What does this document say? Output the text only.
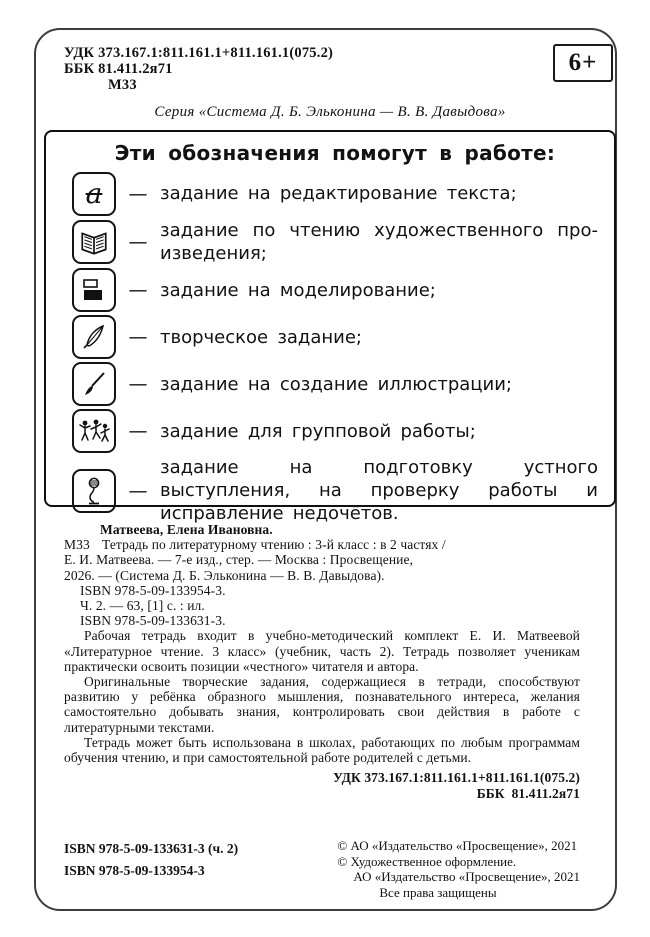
УДК 373.167.1:811.161.1+811.161.1(075.2)
ББК 81.411.2я71
М33
6+
Серия «Система Д. Б. Эльконина — В. В. Давыдова»
Эти обозначения помогут в работе:
a — задание на редактирование текста;
—
задание по чтению художественного произведения;
— задание на моделирование;
— творческое задание;
— задание на создание иллюстрации;
— задание для групповой работы;
—
задание на подготовку устного выступления, на проверку работы и исправление недочётов.
Матвеева, Елена Ивановна.
М33 Тетрадь по литературному чтению : 3-й класс : в 2 частях /
Е. И. Матвеева. — 7-е изд., стер. — Москва : Просвещение,
2026. — (Система Д. Б. Эльконина — В. В. Давыдова).
ISBN 978-5-09-133954-3.
Ч. 2. — 63, [1] с. : ил.
ISBN 978-5-09-133631-3.

Рабочая тетрадь входит в учебно-методический комплект Е. И. Матвеевой «Литературное чтение. 3 класс» (учебник, часть 2). Тетрадь позволяет ученикам практически освоить позиции «честного» читателя и автора.

Оригинальные творческие задания, содержащиеся в тетради, способствуют развитию у ребёнка образного мышления, познавательного интереса, желания самостоятельно добывать знания, контролировать свои действия в работе с литературными текстами.

Тетрадь может быть использована в школах, работающих по любым программам обучения чтению, и при самостоятельной работе родителей с детьми.

УДК 373.167.1:811.161.1+811.161.1(075.2)
ББК  81.411.2я71
ISBN 978-5-09-133631-3 (ч. 2)
ISBN 978-5-09-133954-3
© АО «Издательство «Просвещение», 2021
© Художественное оформление.
АО «Издательство «Просвещение», 2021
Все права защищены
